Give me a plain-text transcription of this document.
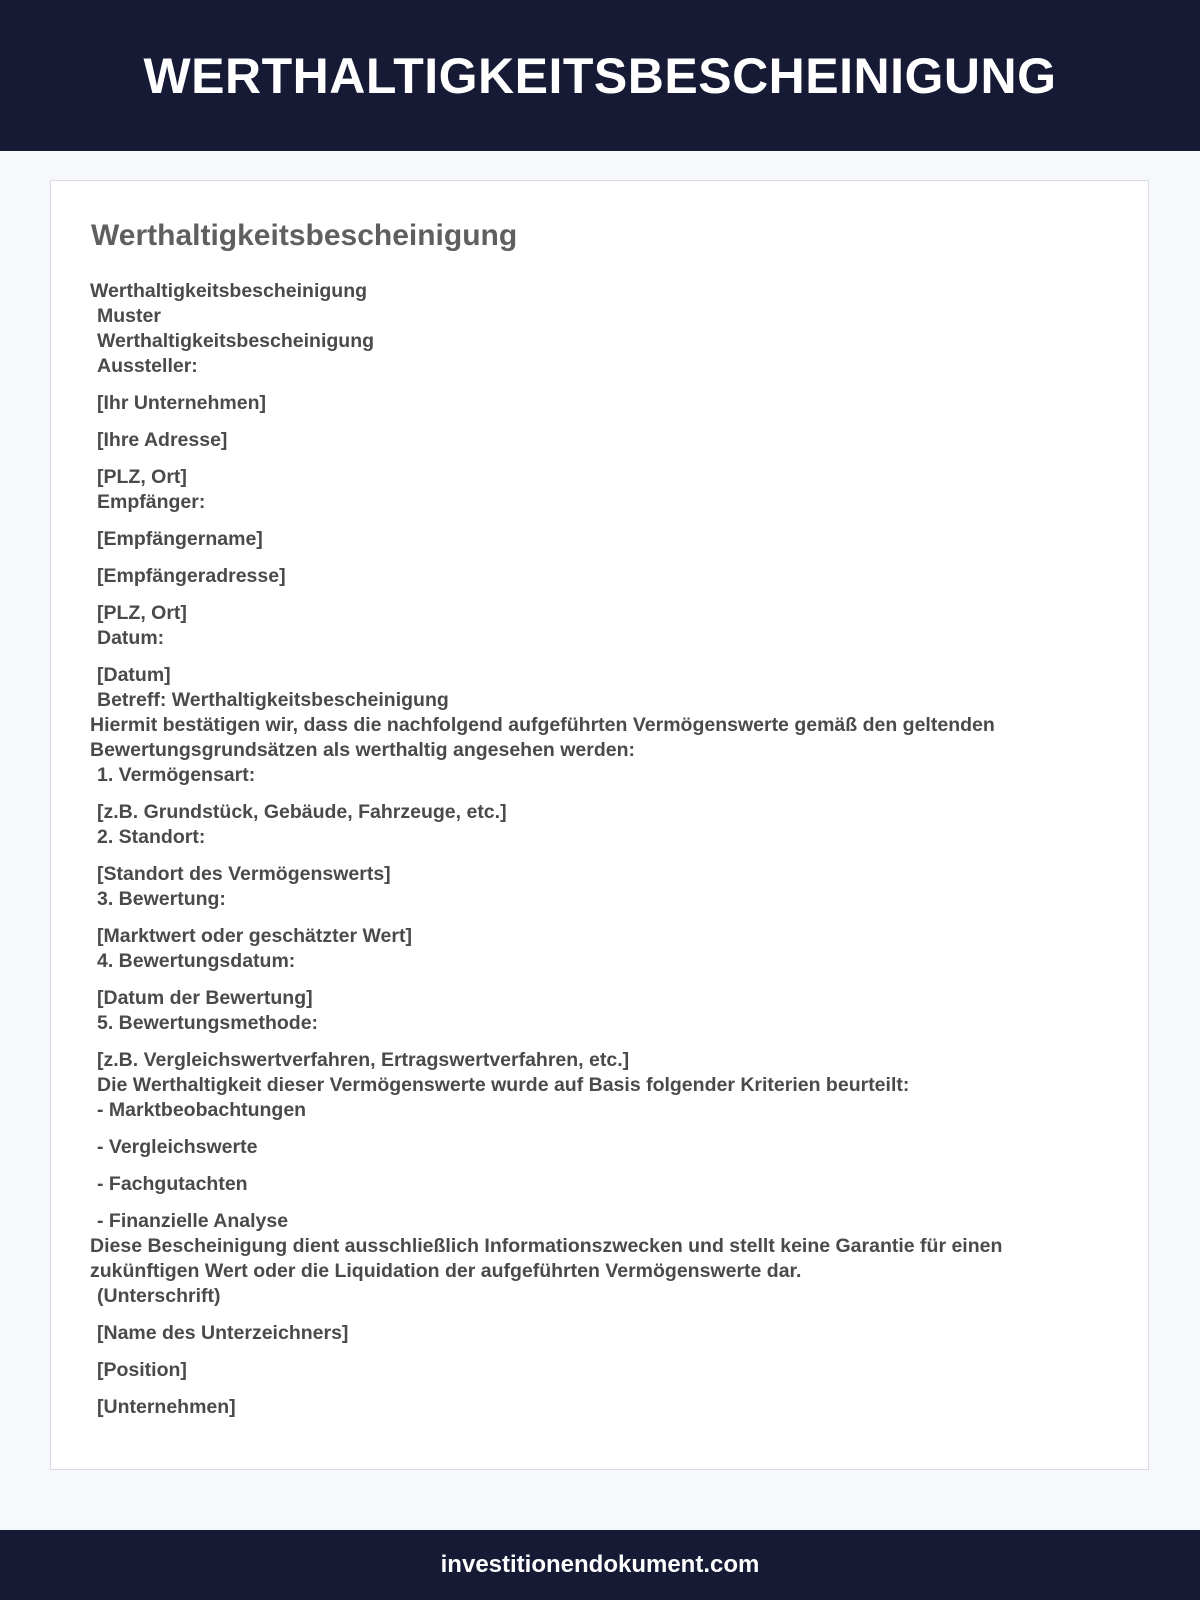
WERTHALTIGKEITSBESCHEINIGUNG
Werthaltigkeitsbescheinigung
Werthaltigkeitsbescheinigung
Muster
Werthaltigkeitsbescheinigung
Aussteller:
[Ihr Unternehmen]
[Ihre Adresse]
[PLZ, Ort]
Empfänger:
[Empfängername]
[Empfängeradresse]
[PLZ, Ort]
Datum:
[Datum]
Betreff: Werthaltigkeitsbescheinigung
Hiermit bestätigen wir, dass die nachfolgend aufgeführten Vermögenswerte gemäß den geltenden Bewertungsgrundsätzen als werthaltig angesehen werden:
1. Vermögensart:
[z.B. Grundstück, Gebäude, Fahrzeuge, etc.]
2. Standort:
[Standort des Vermögenswerts]
3. Bewertung:
[Marktwert oder geschätzter Wert]
4. Bewertungsdatum:
[Datum der Bewertung]
5. Bewertungsmethode:
[z.B. Vergleichswertverfahren, Ertragswertverfahren, etc.]
Die Werthaltigkeit dieser Vermögenswerte wurde auf Basis folgender Kriterien beurteilt:
- Marktbeobachtungen
- Vergleichswerte
- Fachgutachten
- Finanzielle Analyse
Diese Bescheinigung dient ausschließlich Informationszwecken und stellt keine Garantie für einen zukünftigen Wert oder die Liquidation der aufgeführten Vermögenswerte dar.
(Unterschrift)
[Name des Unterzeichners]
[Position]
[Unternehmen]
investitionendokument.com
